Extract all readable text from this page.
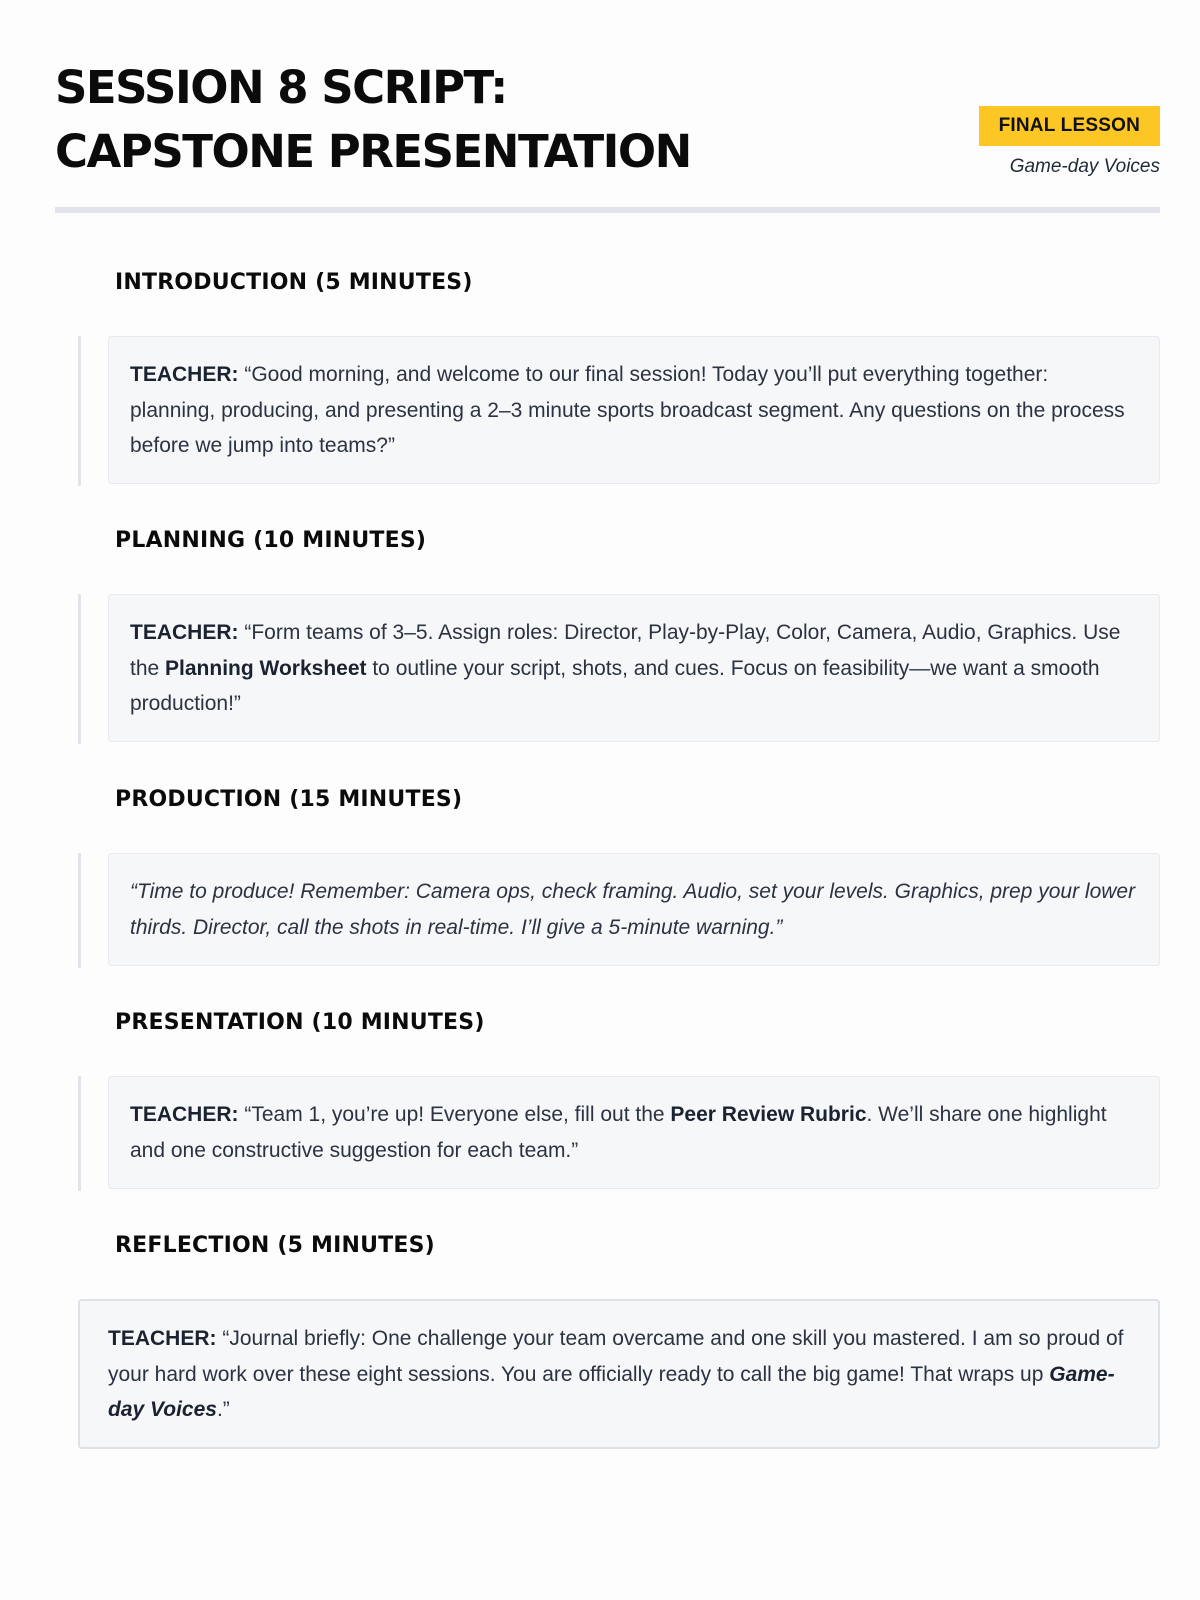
SESSION 8 SCRIPT:
CAPSTONE PRESENTATION	FINAL LESSON
Game-day Voices
INTRODUCTION (5 MINUTES)
TEACHER: “Good morning, and welcome to our final session! Today you’ll put everything together: planning, producing, and presenting a 2–3 minute sports broadcast segment. Any questions on the process before we jump into teams?”
PLANNING (10 MINUTES)
TEACHER: “Form teams of 3–5. Assign roles: Director, Play-by-Play, Color, Camera, Audio, Graphics. Use the Planning Worksheet to outline your script, shots, and cues. Focus on feasibility—we want a smooth production!”
PRODUCTION (15 MINUTES)
“Time to produce! Remember: Camera ops, check framing. Audio, set your levels. Graphics, prep your lower thirds. Director, call the shots in real-time. I’ll give a 5-minute warning.”
PRESENTATION (10 MINUTES)
TEACHER: “Team 1, you’re up! Everyone else, fill out the Peer Review Rubric. We’ll share one highlight and one constructive suggestion for each team.”
REFLECTION (5 MINUTES)
TEACHER: “Journal briefly: One challenge your team overcame and one skill you mastered. I am so proud of your hard work over these eight sessions. You are officially ready to call the big game! That wraps up Game-day Voices.”
